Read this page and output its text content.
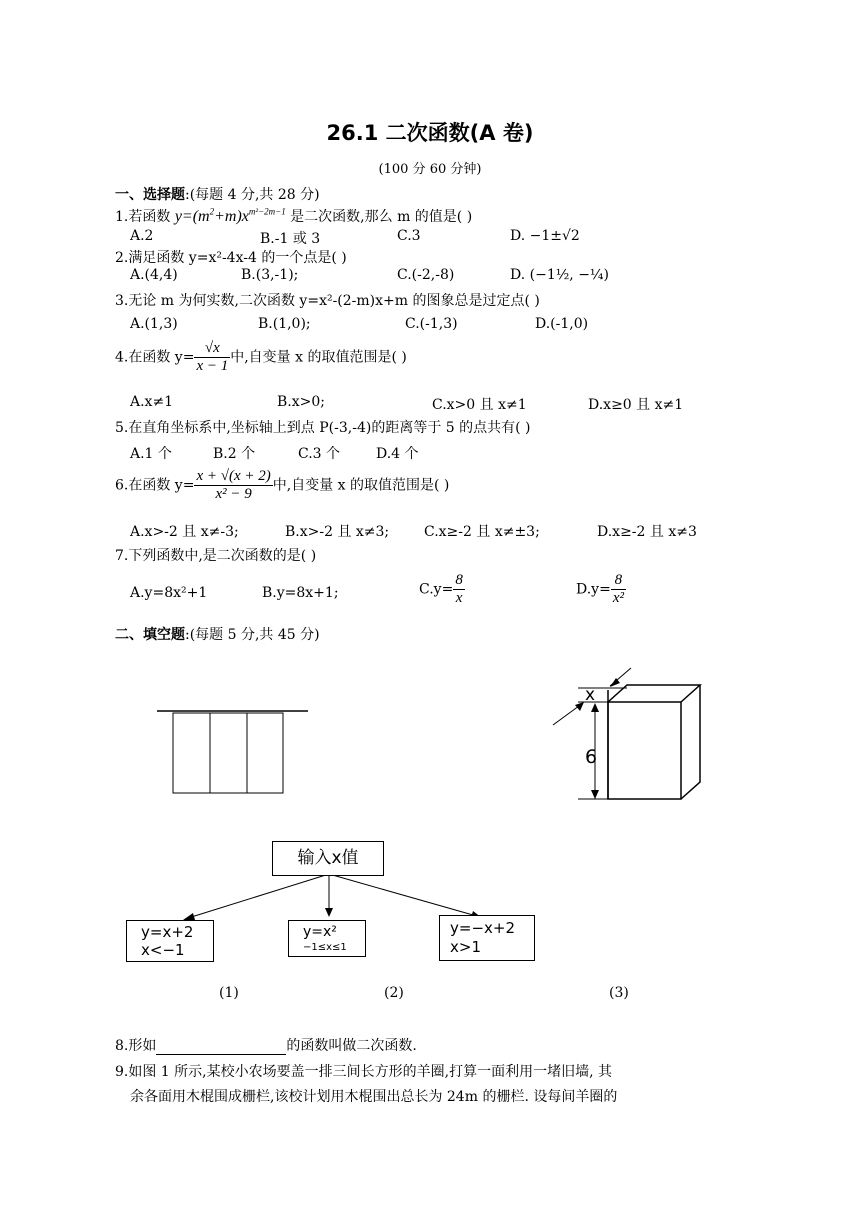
26.1 二次函数(A 卷)
(100 分 60 分钟)
一、选择题:(每题 4 分,共 28 分)
1.若函数 $y=(m^2+m)x^{m^2-2m-1}$ 是二次函数,那么 m 的值是( )
A.2	B.-1 或 3	C.3	D. −1±√2
2.满足函数 y=x²-4x-4 的一个点是( )
A.(4,4)	B.(3,-1);	C.(-2,-8)	D. (−1½, −¼)
3.无论 m 为何实数,二次函数 y=x²-(2-m)x+m 的图象总是过定点( )
A.(1,3)	B.(1,0);	C.(-1,3)	D.(-1,0)
4.在函数 $y= \frac{√x}{x - 1}$ 中,自变量 x 的取值范围是( )
A.x≠1	B.x>0;	C.x>0 且 x≠1	D.x≥0 且 x≠1
5.在直角坐标系中,坐标轴上到点 P(-3,-4)的距离等于 5 的点共有( )
A.1 个	B.2 个	C.3 个	D.4 个
6.在函数 $y= \frac{x + √(x + 2)}{\text{x² − 9}}$ 中,自变量 x 的取值范围是( )
A.x>-2 且 x≠-3;	B.x>-2 且 x≠3; C.x≥-2 且 x≠±3;	D.x≥-2 且 x≠3
7.下列函数中,是二次函数的是( )
A.y=8x²+1	B.y=8x+1;	$C.y= \frac{8}{x}$	$D.y= \frac{8}{\text{x²}}$
二、填空题:(每题 5 分,共 45 分)
x
6
输入x值
y=x+2
x<−1
y=x²
−1≤x≤1
y=−x+2
x>1
(1)	(2)	(3)
8.形如	的函数叫做二次函数.
9.如图 1 所示,某校小农场要盖一排三间长方形的羊圈,打算一面利用一堵旧墙, 其
余各面用木棍围成栅栏,该校计划用木棍围出总长为 24m 的栅栏. 设每间羊圈的
